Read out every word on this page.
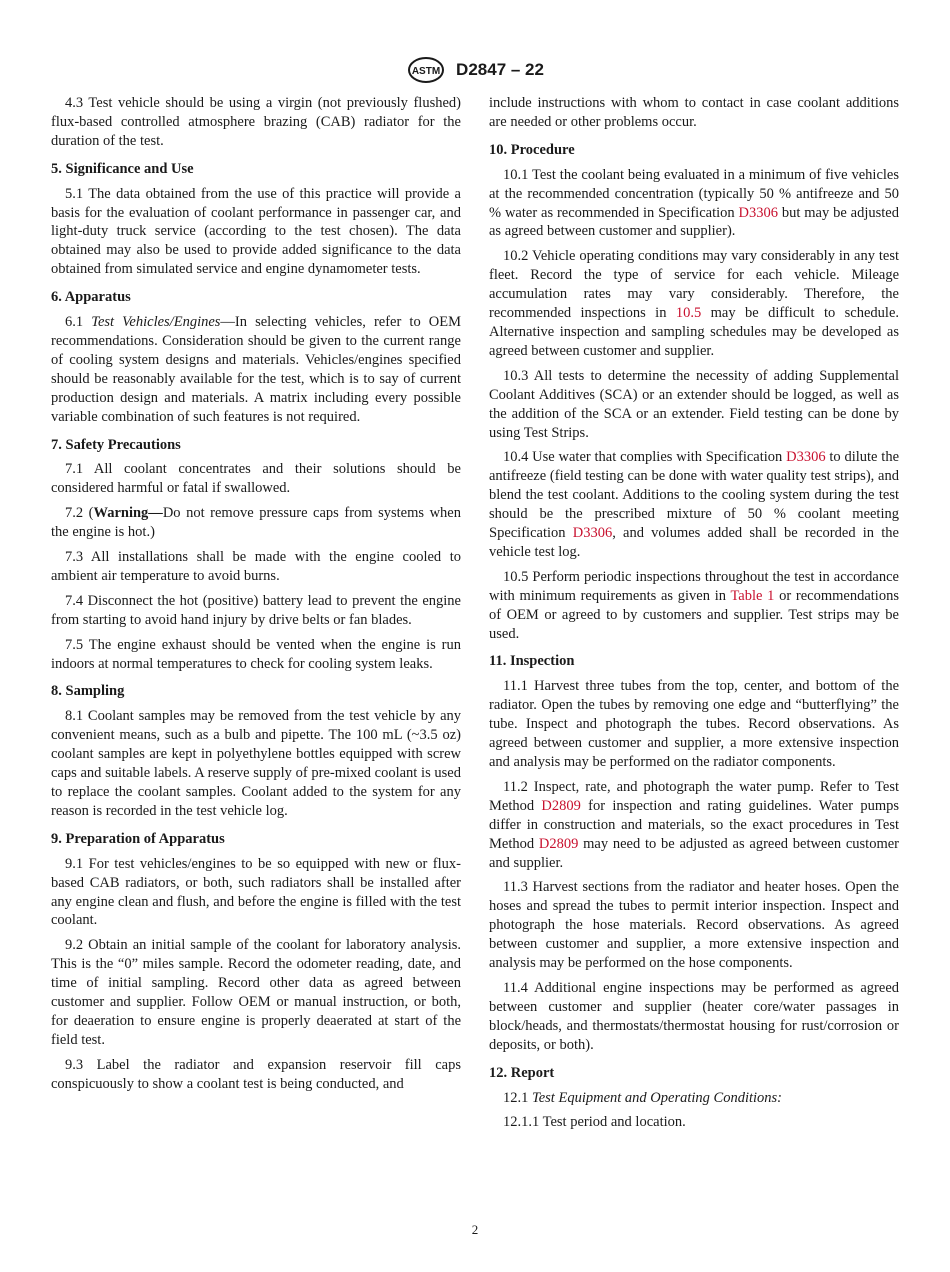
ASTM D2847 – 22

4.3 Test vehicle should be using a virgin (not previously flushed) flux-based controlled atmosphere brazing (CAB) radiator for the duration of the test.

5. Significance and Use

5.1 The data obtained from the use of this practice will provide a basis for the evaluation of coolant performance in passenger car, and light-duty truck service (according to the test chosen). The data obtained may also be used to provide added significance to the data obtained from simulated service and engine dynamometer tests.

6. Apparatus

6.1 Test Vehicles/Engines—In selecting vehicles, refer to OEM recommendations. Consideration should be given to the current range of cooling system designs and materials. Vehicles/engines specified should be reasonably available for the test, which is to say of current production design and materials. A matrix including every possible variable combination of such features is not required.

7. Safety Precautions

7.1 All coolant concentrates and their solutions should be considered harmful or fatal if swallowed.

7.2 (Warning—Do not remove pressure caps from systems when the engine is hot.)

7.3 All installations shall be made with the engine cooled to ambient air temperature to avoid burns.

7.4 Disconnect the hot (positive) battery lead to prevent the engine from starting to avoid hand injury by drive belts or fan blades.

7.5 The engine exhaust should be vented when the engine is run indoors at normal temperatures to check for cooling system leaks.

8. Sampling

8.1 Coolant samples may be removed from the test vehicle by any convenient means, such as a bulb and pipette. The 100 mL (~3.5 oz) coolant samples are kept in polyethylene bottles equipped with screw caps and suitable labels. A reserve supply of pre-mixed coolant is used to replace the coolant samples. Coolant added to the system for any reason is recorded in the test vehicle log.

9. Preparation of Apparatus

9.1 For test vehicles/engines to be so equipped with new or flux-based CAB radiators, or both, such radiators shall be installed after any engine clean and flush, and before the engine is filled with the test coolant.

9.2 Obtain an initial sample of the coolant for laboratory analysis. This is the “0” miles sample. Record the odometer reading, date, and time of initial sampling. Record other data as agreed between customer and supplier. Follow OEM or manual instruction, or both, for deaeration to ensure engine is properly deaerated at start of the field test.

9.3 Label the radiator and expansion reservoir fill caps conspicuously to show a coolant test is being conducted, and

include instructions with whom to contact in case coolant additions are needed or other problems occur.

10. Procedure

10.1 Test the coolant being evaluated in a minimum of five vehicles at the recommended concentration (typically 50 % antifreeze and 50 % water as recommended in Specification D3306 but may be adjusted as agreed between customer and supplier).

10.2 Vehicle operating conditions may vary considerably in any test fleet. Record the type of service for each vehicle. Mileage accumulation rates may vary considerably. Therefore, the recommended inspections in 10.5 may be difficult to schedule. Alternative inspection and sampling schedules may be developed as agreed between customer and supplier.

10.3 All tests to determine the necessity of adding Supplemental Coolant Additives (SCA) or an extender should be logged, as well as the addition of the SCA or an extender. Field testing can be done by using Test Strips.

10.4 Use water that complies with Specification D3306 to dilute the antifreeze (field testing can be done with water quality test strips), and blend the test coolant. Additions to the cooling system during the test should be the prescribed mixture of 50 % coolant meeting Specification D3306, and volumes added shall be recorded in the vehicle test log.

10.5 Perform periodic inspections throughout the test in accordance with minimum requirements as given in Table 1 or recommendations of OEM or agreed to by customers and supplier. Test strips may be used.

11. Inspection

11.1 Harvest three tubes from the top, center, and bottom of the radiator. Open the tubes by removing one edge and “butterflying” the tube. Inspect and photograph the tubes. Record observations. As agreed between customer and supplier, a more extensive inspection and analysis may be performed on the radiator components.

11.2 Inspect, rate, and photograph the water pump. Refer to Test Method D2809 for inspection and rating guidelines. Water pumps differ in construction and materials, so the exact procedures in Test Method D2809 may need to be adjusted as agreed between customer and supplier.

11.3 Harvest sections from the radiator and heater hoses. Open the hoses and spread the tubes to permit interior inspection. Inspect and photograph the hose materials. Record observations. As agreed between customer and supplier, a more extensive inspection and analysis may be performed on the hose components.

11.4 Additional engine inspections may be performed as agreed between customer and supplier (heater core/water passages in block/heads, and thermostats/thermostat housing for rust/corrosion or deposits, or both).

12. Report

12.1 Test Equipment and Operating Conditions:

12.1.1 Test period and location.

2
